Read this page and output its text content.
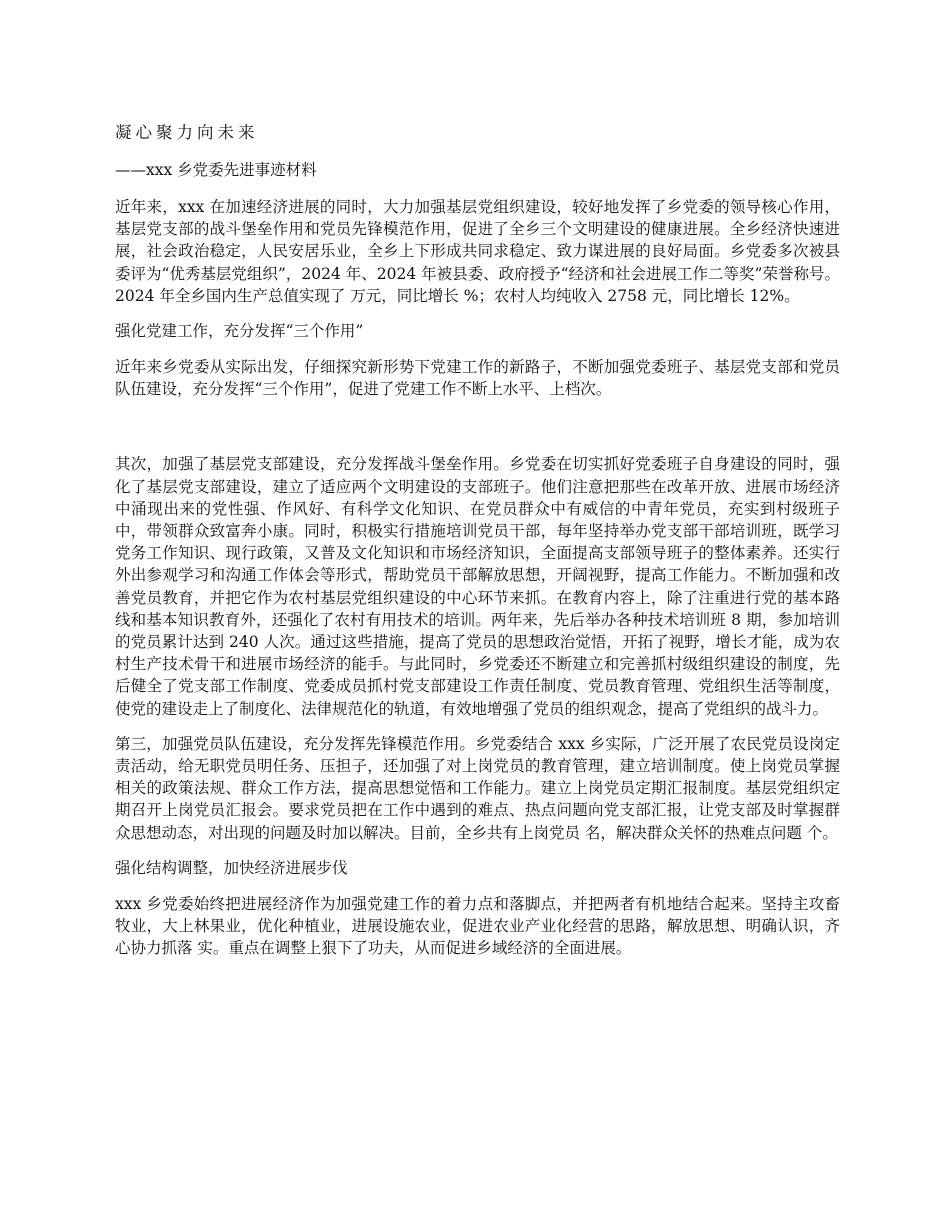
凝心聚力向未来
——xxx 乡党委先进事迹材料

近年来，xxx 在加速经济进展的同时，大力加强基层党组织建设，较好地发挥了乡党委的领导核心作用，基层党支部的战斗堡垒作用和党员先锋模范作用，促进了全乡三个文明建设的健康进展。全乡经济快速进展，社会政治稳定，人民安居乐业，全乡上下形成共同求稳定、致力谋进展的良好局面。乡党委多次被县委评为“优秀基层党组织”，2024 年、2024 年被县委、政府授予“经济和社会进展工作二等奖”荣誉称号。2024 年全乡国内生产总值实现了 万元，同比增长 %；农村人均纯收入 2758 元，同比增长 12%。

强化党建工作，充分发挥“三个作用”

近年来乡党委从实际出发，仔细探究新形势下党建工作的新路子，不断加强党委班子、基层党支部和党员队伍建设，充分发挥“三个作用”，促进了党建工作不断上水平、上档次。

其次，加强了基层党支部建设，充分发挥战斗堡垒作用。乡党委在切实抓好党委班子自身建设的同时，强化了基层党支部建设，建立了适应两个文明建设的支部班子。他们注意把那些在改革开放、进展市场经济中涌现出来的党性强、作风好、有科学文化知识、在党员群众中有威信的中青年党员，充实到村级班子中，带领群众致富奔小康。同时，积极实行措施培训党员干部，每年坚持举办党支部干部培训班，既学习党务工作知识、现行政策，又普及文化知识和市场经济知识，全面提高支部领导班子的整体素养。还实行外出参观学习和沟通工作体会等形式，帮助党员干部解放思想，开阔视野，提高工作能力。不断加强和改善党员教育，并把它作为农村基层党组织建设的中心环节来抓。在教育内容上，除了注重进行党的基本路线和基本知识教育外，还强化了农村有用技术的培训。两年来，先后举办各种技术培训班 8 期，参加培训的党员累计达到 240 人次。通过这些措施，提高了党员的思想政治觉悟，开拓了视野，增长才能，成为农村生产技术骨干和进展市场经济的能手。与此同时，乡党委还不断建立和完善抓村级组织建设的制度，先后健全了党支部工作制度、党委成员抓村党支部建设工作责任制度、党员教育管理、党组织生活等制度，使党的建设走上了制度化、法律规范化的轨道，有效地增强了党员的组织观念，提高了党组织的战斗力。

第三，加强党员队伍建设，充分发挥先锋模范作用。乡党委结合 xxx 乡实际，广泛开展了农民党员设岗定责活动，给无职党员明任务、压担子，还加强了对上岗党员的教育管理，建立培训制度。使上岗党员掌握相关的政策法规、群众工作方法，提高思想觉悟和工作能力。建立上岗党员定期汇报制度。基层党组织定期召开上岗党员汇报会。要求党员把在工作中遇到的难点、热点问题向党支部汇报，让党支部及时掌握群众思想动态，对出现的问题及时加以解决。目前，全乡共有上岗党员 名，解决群众关怀的热难点问题 个。

强化结构调整，加快经济进展步伐

xxx 乡党委始终把进展经济作为加强党建工作的着力点和落脚点，并把两者有机地结合起来。坚持主攻畜牧业，大上林果业，优化种植业，进展设施农业，促进农业产业化经营的思路，解放思想、明确认识，齐心协力抓落 实。重点在调整上狠下了功夫，从而促进乡域经济的全面进展。
